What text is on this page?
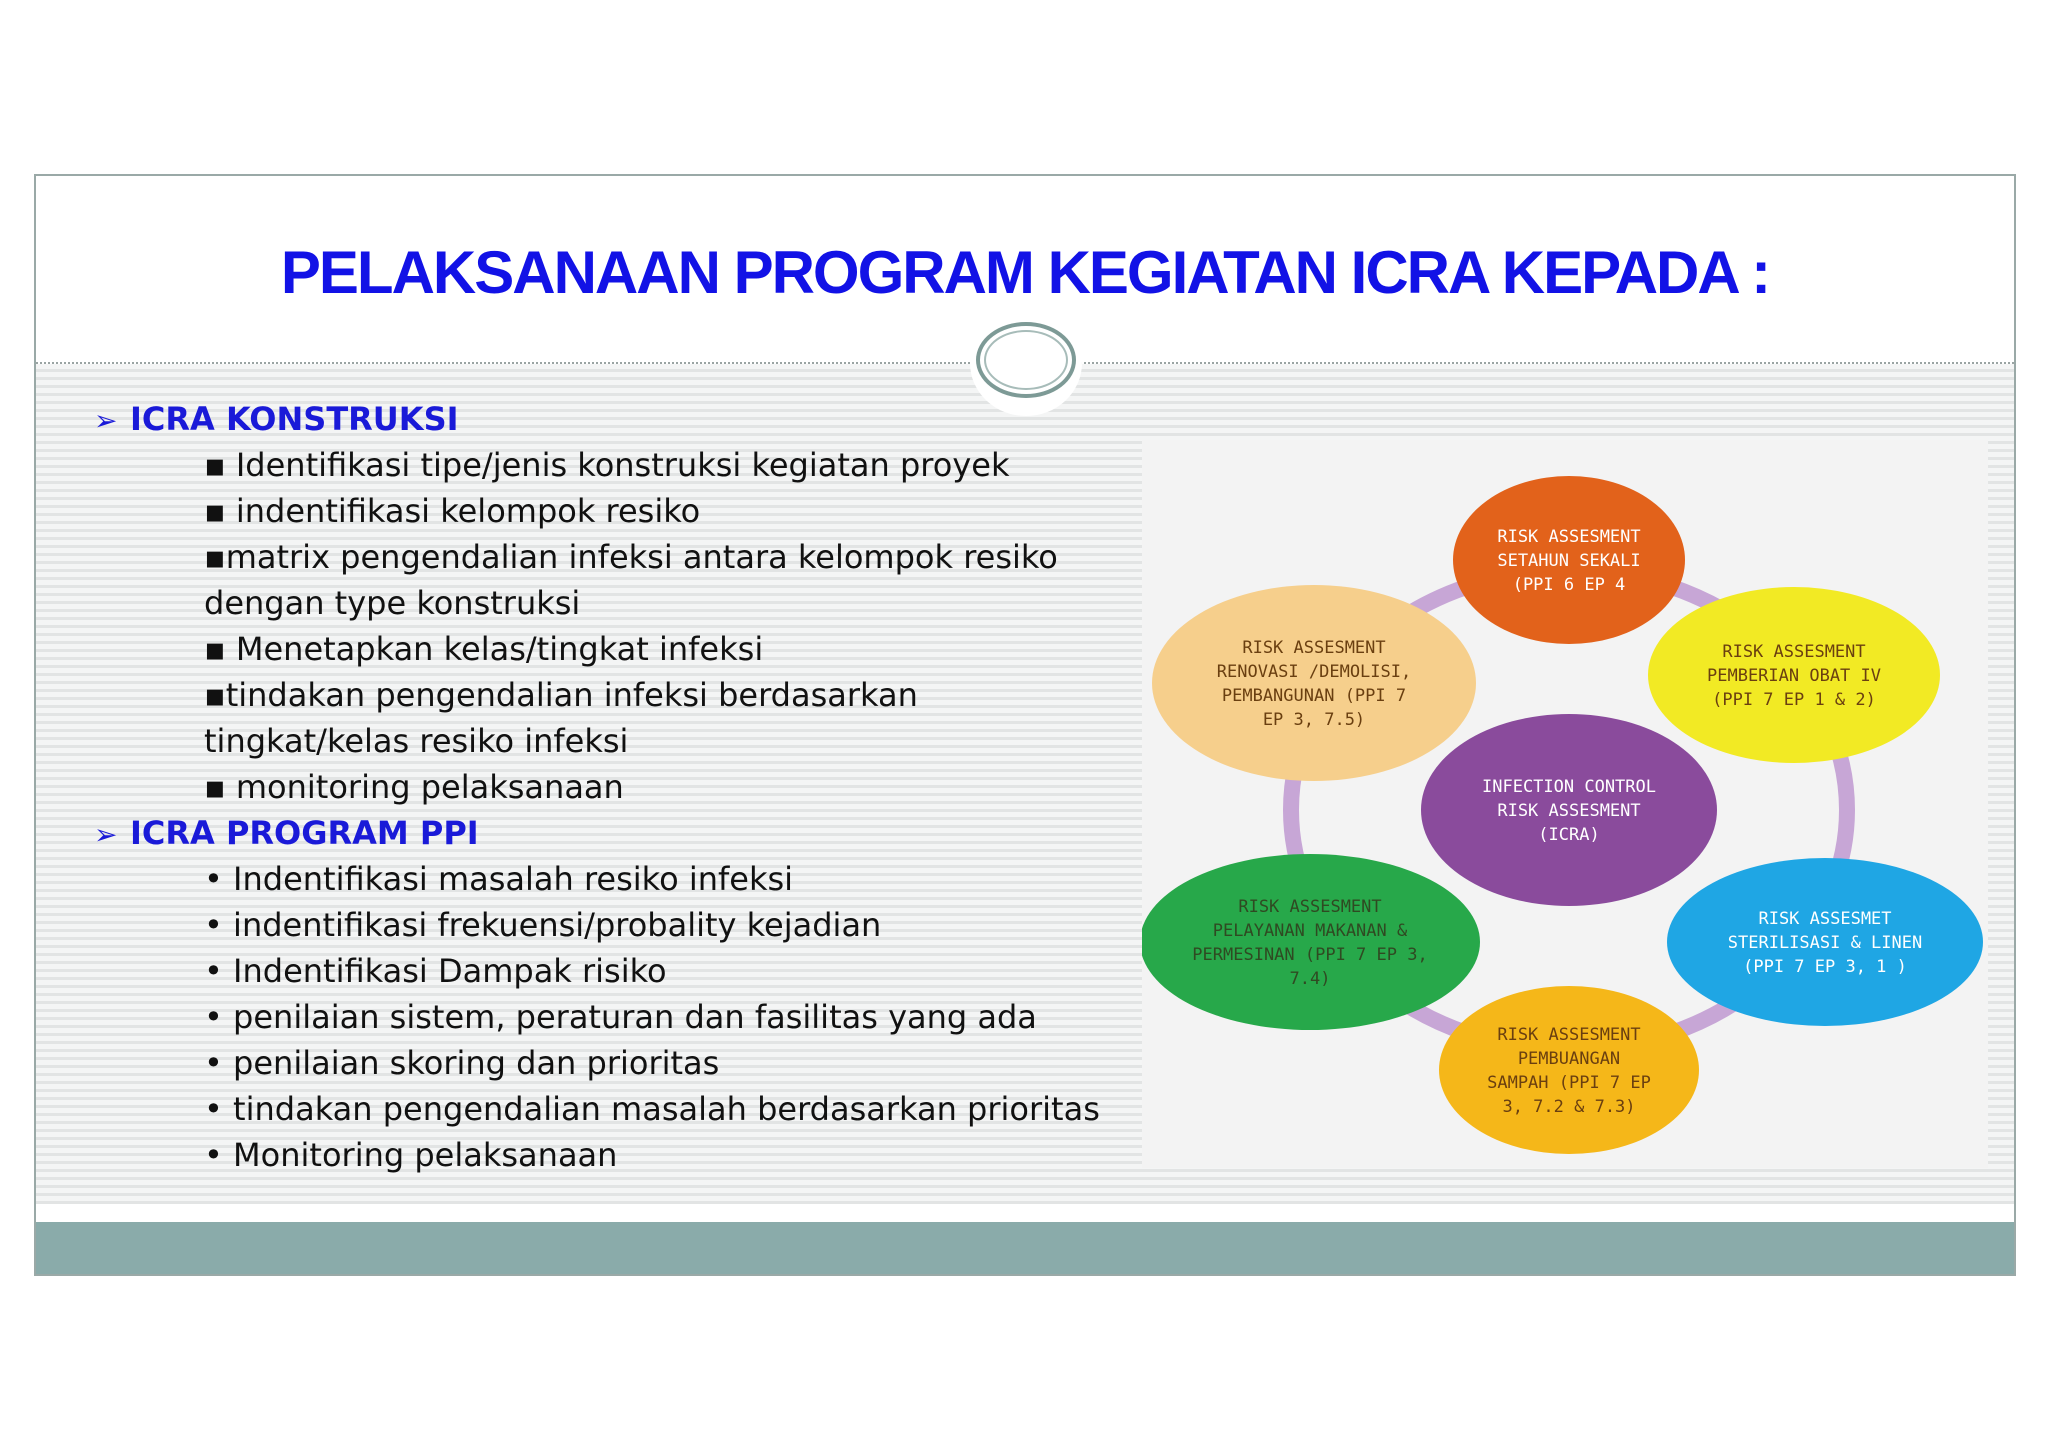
PELAKSANAAN PROGRAM KEGIATAN ICRA KEPADA :
➢ ICRA KONSTRUKSI
▪ Identifikasi tipe/jenis konstruksi kegiatan proyek
▪ indentifikasi kelompok resiko
▪matrix pengendalian infeksi antara kelompok resiko
dengan type konstruksi
▪ Menetapkan kelas/tingkat infeksi
▪tindakan pengendalian infeksi berdasarkan
tingkat/kelas resiko infeksi
▪ monitoring pelaksanaan
➢ ICRA PROGRAM PPI
• Indentifikasi masalah resiko infeksi
• indentifikasi frekuensi/probality kejadian
• Indentifikasi Dampak risiko
• penilaian sistem, peraturan dan fasilitas yang ada
• penilaian skoring dan prioritas
• tindakan pengendalian masalah berdasarkan prioritas
• Monitoring pelaksanaan
RISK ASSESMENT
SETAHUN SEKALI
(PPI 6 EP 4
RISK ASSESMENT
PEMBERIAN OBAT IV
(PPI 7 EP 1 & 2)
RISK ASSESMET
STERILISASI & LINEN
(PPI 7 EP 3, 1 )
RISK ASSESMENT
PEMBUANGAN
SAMPAH (PPI 7 EP
3, 7.2 & 7.3)
RISK ASSESMENT
PELAYANAN MAKANAN &
PERMESINAN (PPI 7 EP 3,
7.4)
RISK ASSESMENT
RENOVASI /DEMOLISI,
PEMBANGUNAN (PPI 7
EP 3, 7.5)
INFECTION CONTROL
RISK ASSESMENT
(ICRA)
